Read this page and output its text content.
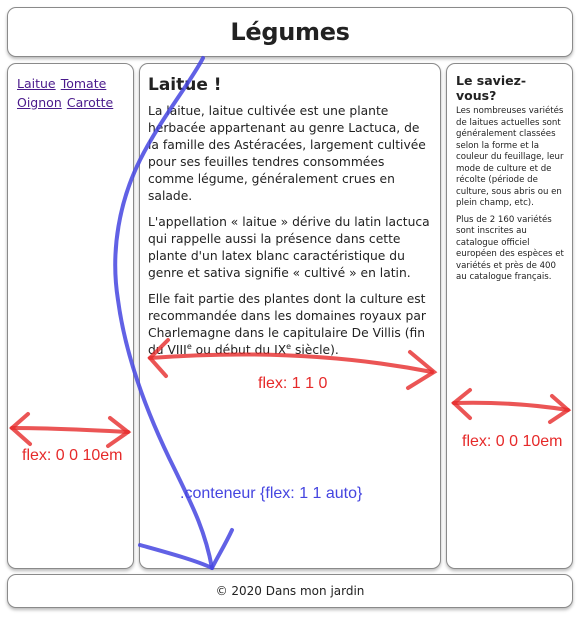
Légumes
Laitue Tomate
Oignon Carotte
Laitue !

La laitue, laitue cultivée est une plante herbacée appartenant au genre Lactuca, de la famille des Astéracées, largement cultivée pour ses feuilles tendres consommées comme légume, généralement crues en salade.

L'appellation « laitue » dérive du latin lactuca qui rappelle aussi la présence dans cette plante d'un latex blanc caractéristique du genre et sativa signifie « cultivé » en latin.

Elle fait partie des plantes dont la culture est recommandée dans les domaines royaux par Charlemagne dans le capitulaire De Villis (fin du VIIIe ou début du IXe siècle).

Le saviez-vous?

Les nombreuses variétés de laitues actuelles sont généralement classées selon la forme et la couleur du feuillage, leur mode de culture et de récolte (période de culture, sous abris ou en plein champ, etc).

Plus de 2 160 variétés sont inscrites au catalogue officiel européen des espèces et variétés et près de 400 au catalogue français.

© 2020 Dans mon jardin
flex: 1 1 0
flex: 0 0 10em
flex: 0 0 10em
.conteneur {flex: 1 1 auto}
